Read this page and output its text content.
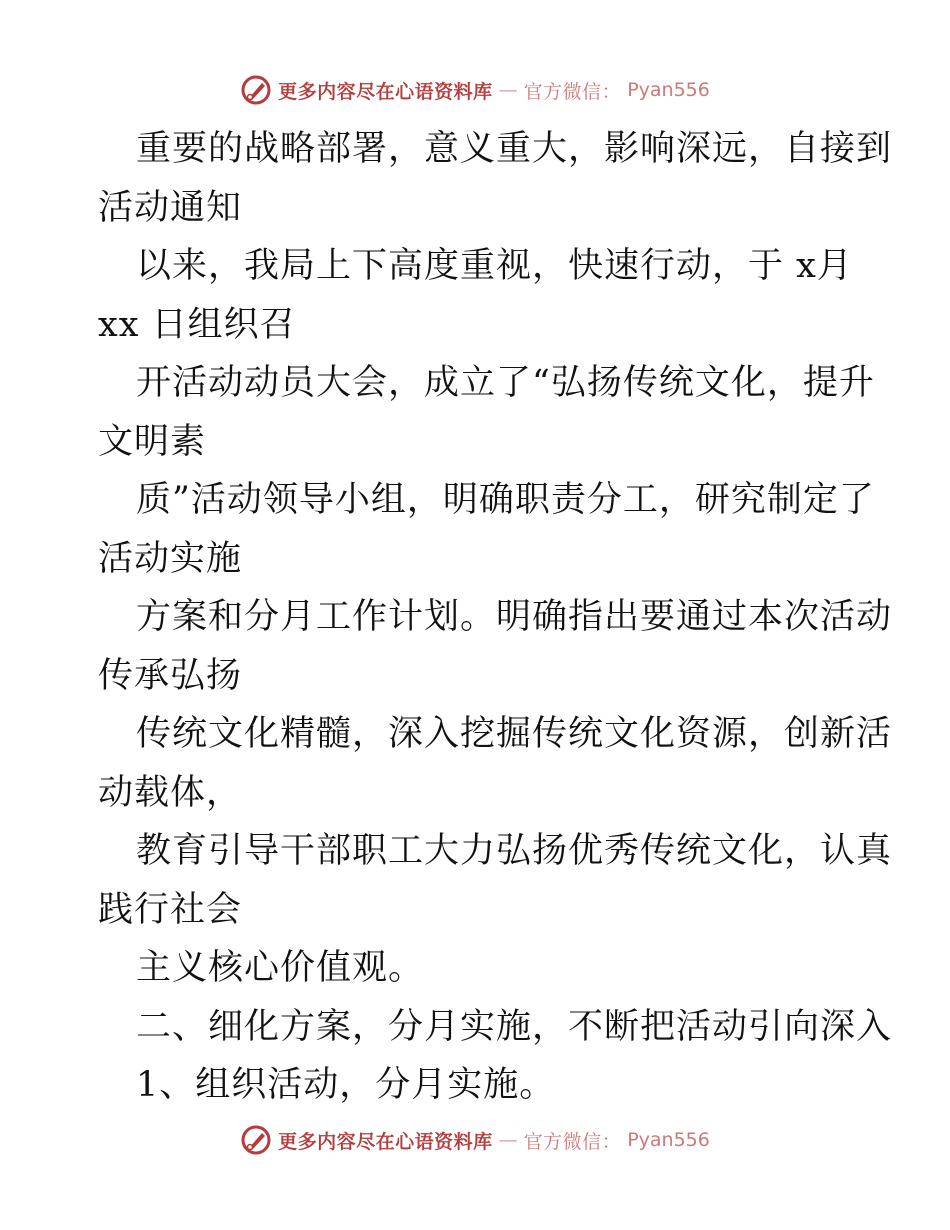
更多内容尽在心语资料库 — 官方微信： Pyan556
重要的战略部署，意义重大，影响深远，自接到
活动通知
以来，我局上下高度重视，快速行动，于 x月
xx 日组织召
开活动动员大会，成立了“弘扬传统文化，提升
文明素
质”活动领导小组，明确职责分工，研究制定了
活动实施
方案和分月工作计划。明确指出要通过本次活动
传承弘扬
传统文化精髓，深入挖掘传统文化资源，创新活
动载体，
教育引导干部职工大力弘扬优秀传统文化，认真
践行社会
主义核心价值观。
二、细化方案，分月实施，不断把活动引向深入
1、组织活动，分月实施。
更多内容尽在心语资料库 — 官方微信： Pyan556
